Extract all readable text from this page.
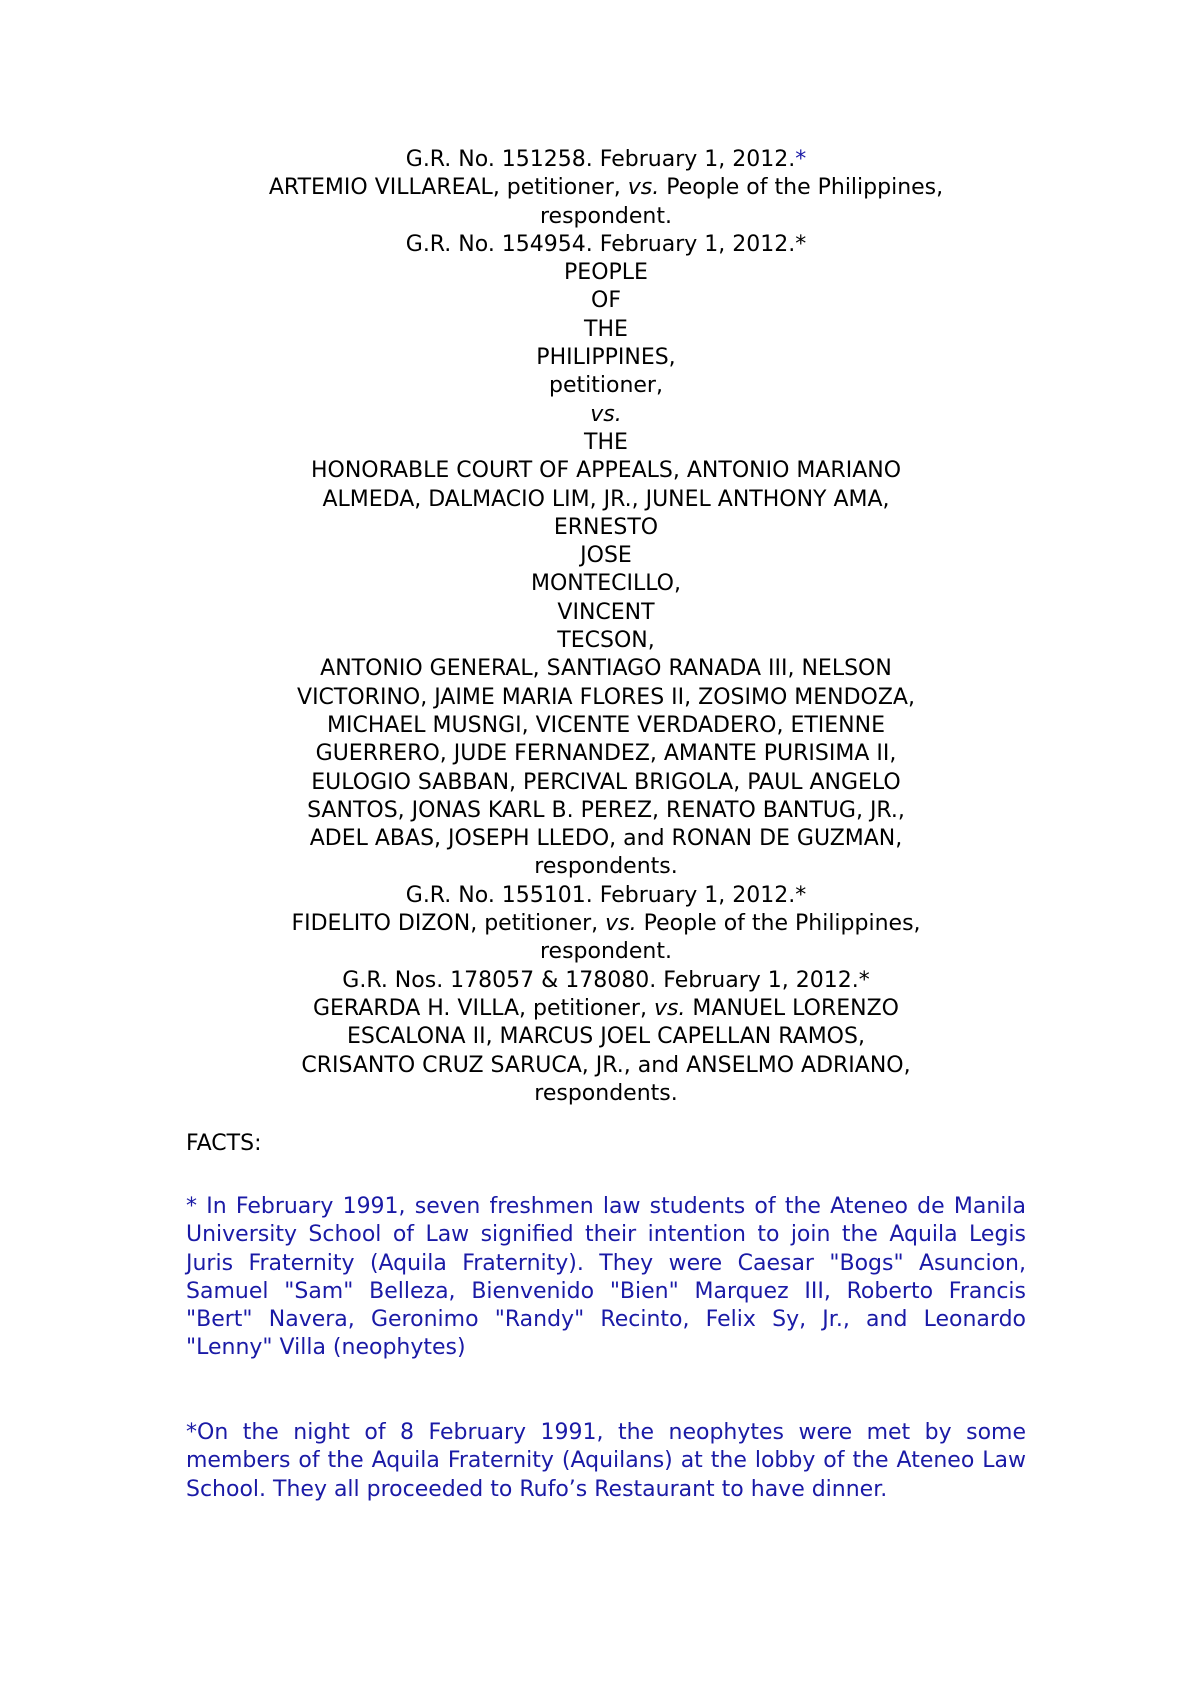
G.R. No. 151258. February 1, 2012.*
ARTEMIO VILLAREAL, petitioner, vs. People of the Philippines,
respondent.
G.R. No. 154954. February 1, 2012.*
PEOPLE
OF
THE
PHILIPPINES,
petitioner,
vs.
THE
HONORABLE COURT OF APPEALS, ANTONIO MARIANO
ALMEDA, DALMACIO LIM, JR., JUNEL ANTHONY AMA,
ERNESTO
JOSE
MONTECILLO,
VINCENT
TECSON,
ANTONIO GENERAL, SANTIAGO RANADA III, NELSON
VICTORINO, JAIME MARIA FLORES II, ZOSIMO MENDOZA,
MICHAEL MUSNGI, VICENTE VERDADERO, ETIENNE
GUERRERO, JUDE FERNANDEZ, AMANTE PURISIMA II,
EULOGIO SABBAN, PERCIVAL BRIGOLA, PAUL ANGELO
SANTOS, JONAS KARL B. PEREZ, RENATO BANTUG, JR.,
ADEL ABAS, JOSEPH LLEDO, and RONAN DE GUZMAN,
respondents.
G.R. No. 155101. February 1, 2012.*
FIDELITO DIZON, petitioner, vs. People of the Philippines,
respondent.
G.R. Nos. 178057 & 178080. February 1, 2012.*
GERARDA H. VILLA, petitioner, vs. MANUEL LORENZO
ESCALONA II, MARCUS JOEL CAPELLAN RAMOS,
CRISANTO CRUZ SARUCA, JR., and ANSELMO ADRIANO,
respondents.
FACTS:

* In February 1991, seven freshmen law students of the Ateneo de Manila University School of Law signified their intention to join the Aquila Legis Juris Fraternity (Aquila Fraternity). They were Caesar "Bogs" Asuncion, Samuel "Sam" Belleza, Bienvenido "Bien" Marquez III, Roberto Francis "Bert" Navera, Geronimo "Randy" Recinto, Felix Sy, Jr., and Leonardo "Lenny" Villa (neophytes)

*On the night of 8 February 1991, the neophytes were met by some members of the Aquila Fraternity (Aquilans) at the lobby of the Ateneo Law School. They all proceeded to Rufo’s Restaurant to have dinner.
